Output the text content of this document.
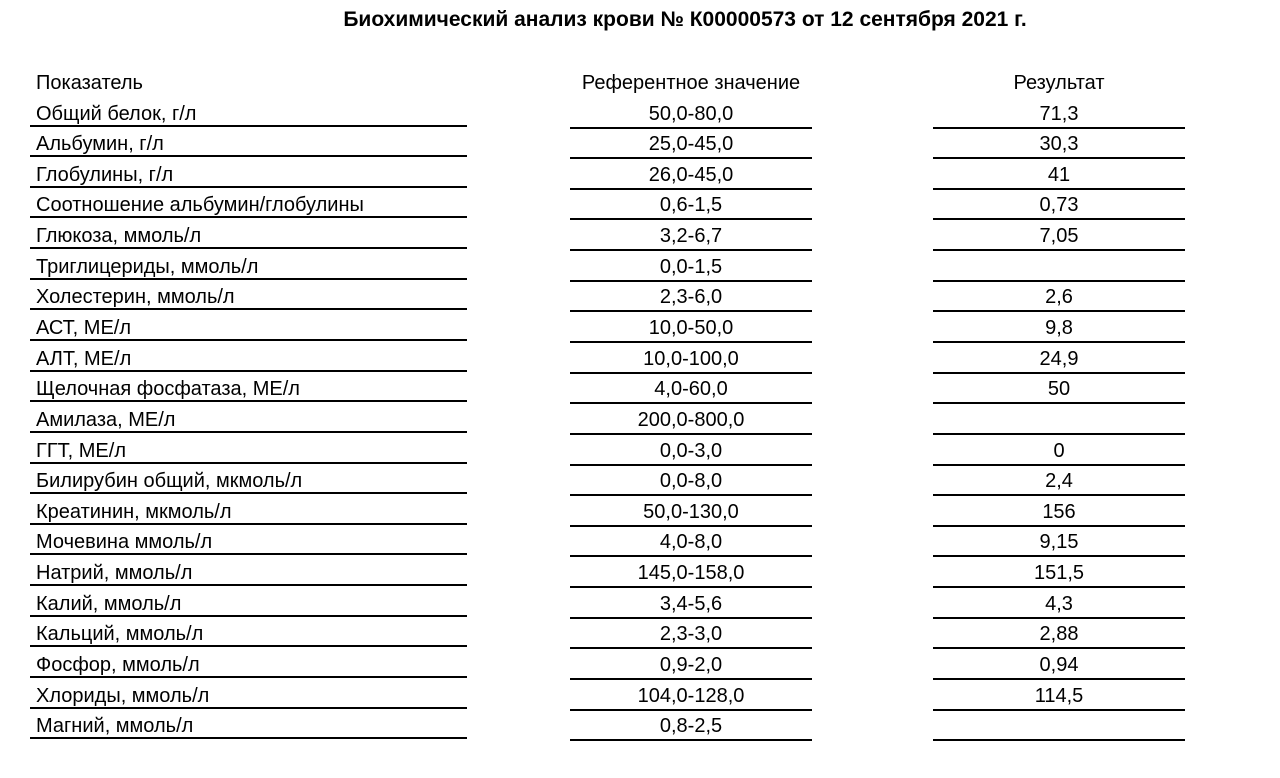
Биохимический анализ крови № К00000573 от 12 сентября 2021 г.
Показатель	Референтное значение	Результат
Общий белок, г/л	50,0-80,0	71,3
Альбумин, г/л	25,0-45,0	30,3
Глобулины, г/л	26,0-45,0	41
Соотношение альбумин/глобулины	0,6-1,5	0,73
Глюкоза, ммоль/л	3,2-6,7	7,05
Триглицериды, ммоль/л	0,0-1,5
Холестерин, ммоль/л	2,3-6,0	2,6
АСТ, МЕ/л	10,0-50,0	9,8
АЛТ, МЕ/л	10,0-100,0	24,9
Щелочная фосфатаза, МЕ/л	4,0-60,0	50
Амилаза, МЕ/л	200,0-800,0
ГГТ, МЕ/л	0,0-3,0	0
Билирубин общий, мкмоль/л	0,0-8,0	2,4
Креатинин, мкмоль/л	50,0-130,0	156
Мочевина ммоль/л	4,0-8,0	9,15
Натрий, ммоль/л	145,0-158,0	151,5
Калий, ммоль/л	3,4-5,6	4,3
Кальций, ммоль/л	2,3-3,0	2,88
Фосфор, ммоль/л	0,9-2,0	0,94
Хлориды, ммоль/л	104,0-128,0	114,5
Магний, ммоль/л	0,8-2,5
